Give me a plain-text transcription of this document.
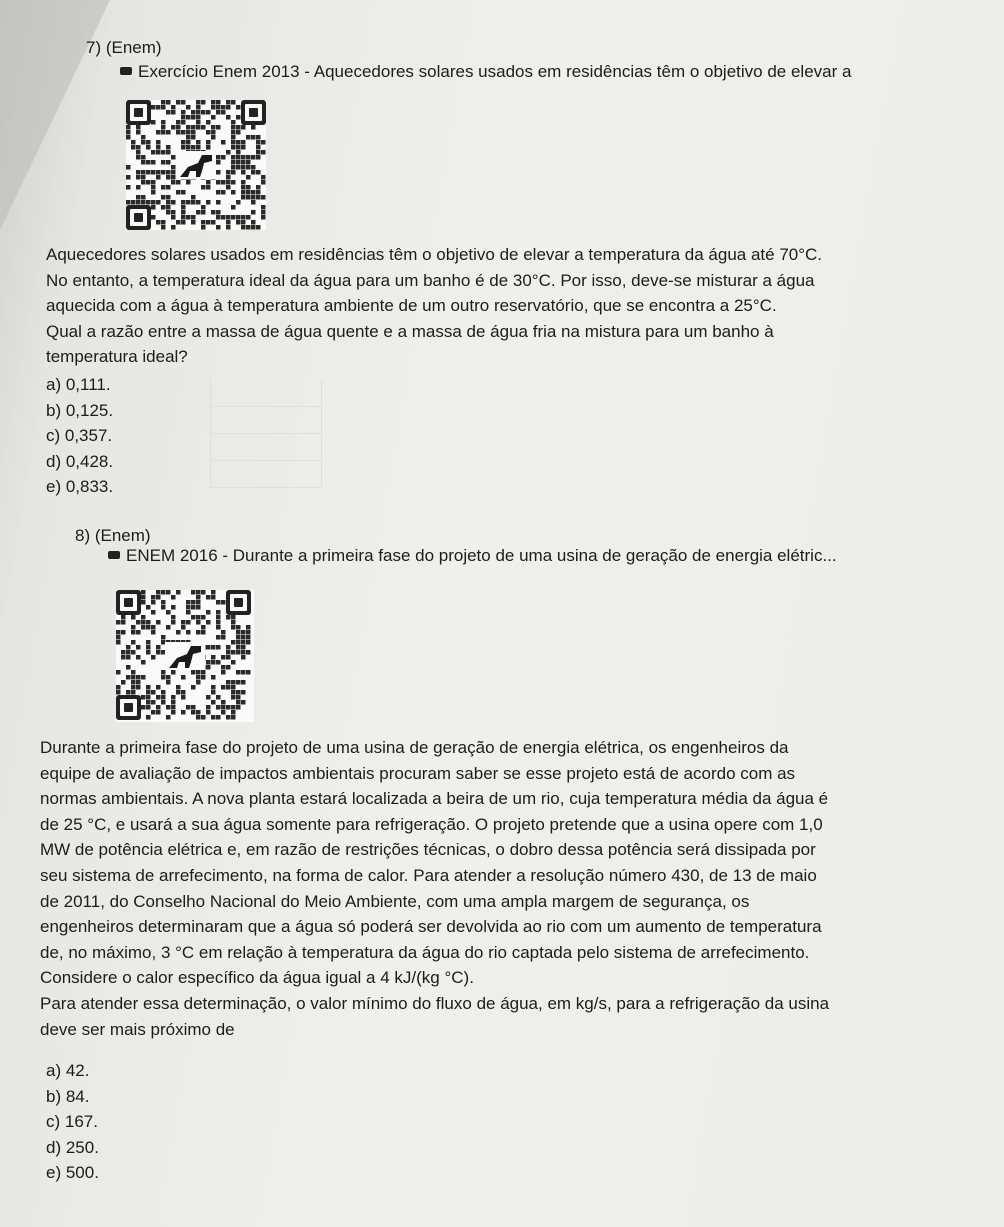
7) (Enem)
Exercício Enem 2013 - Aquecedores solares usados em residências têm o objetivo de elevar a
Aquecedores solares usados em residências têm o objetivo de elevar a temperatura da água até 70°C.
No entanto, a temperatura ideal da água para um banho é de 30°C. Por isso, deve-se misturar a água
aquecida com a água à temperatura ambiente de um outro reservatório, que se encontra a 25°C.
Qual a razão entre a massa de água quente e a massa de água fria na mistura para um banho à
temperatura ideal?
a) 0,111.
b) 0,125.
c) 0,357.
d) 0,428.
e) 0,833.
8) (Enem)
ENEM 2016 - Durante a primeira fase do projeto de uma usina de geração de energia elétric...
Durante a primeira fase do projeto de uma usina de geração de energia elétrica, os engenheiros da
equipe de avaliação de impactos ambientais procuram saber se esse projeto está de acordo com as
normas ambientais. A nova planta estará localizada a beira de um rio, cuja temperatura média da água é
de 25 °C, e usará a sua água somente para refrigeração. O projeto pretende que a usina opere com 1,0
MW de potência elétrica e, em razão de restrições técnicas, o dobro dessa potência será dissipada por
seu sistema de arrefecimento, na forma de calor. Para atender a resolução número 430, de 13 de maio
de 2011, do Conselho Nacional do Meio Ambiente, com uma ampla margem de segurança, os
engenheiros determinaram que a água só poderá ser devolvida ao rio com um aumento de temperatura
de, no máximo, 3 °C em relação à temperatura da água do rio captada pelo sistema de arrefecimento.
Considere o calor específico da água igual a 4 kJ/(kg °C).
Para atender essa determinação, o valor mínimo do fluxo de água, em kg/s, para a refrigeração da usina
deve ser mais próximo de
a) 42.
b) 84.
c) 167.
d) 250.
e) 500.
